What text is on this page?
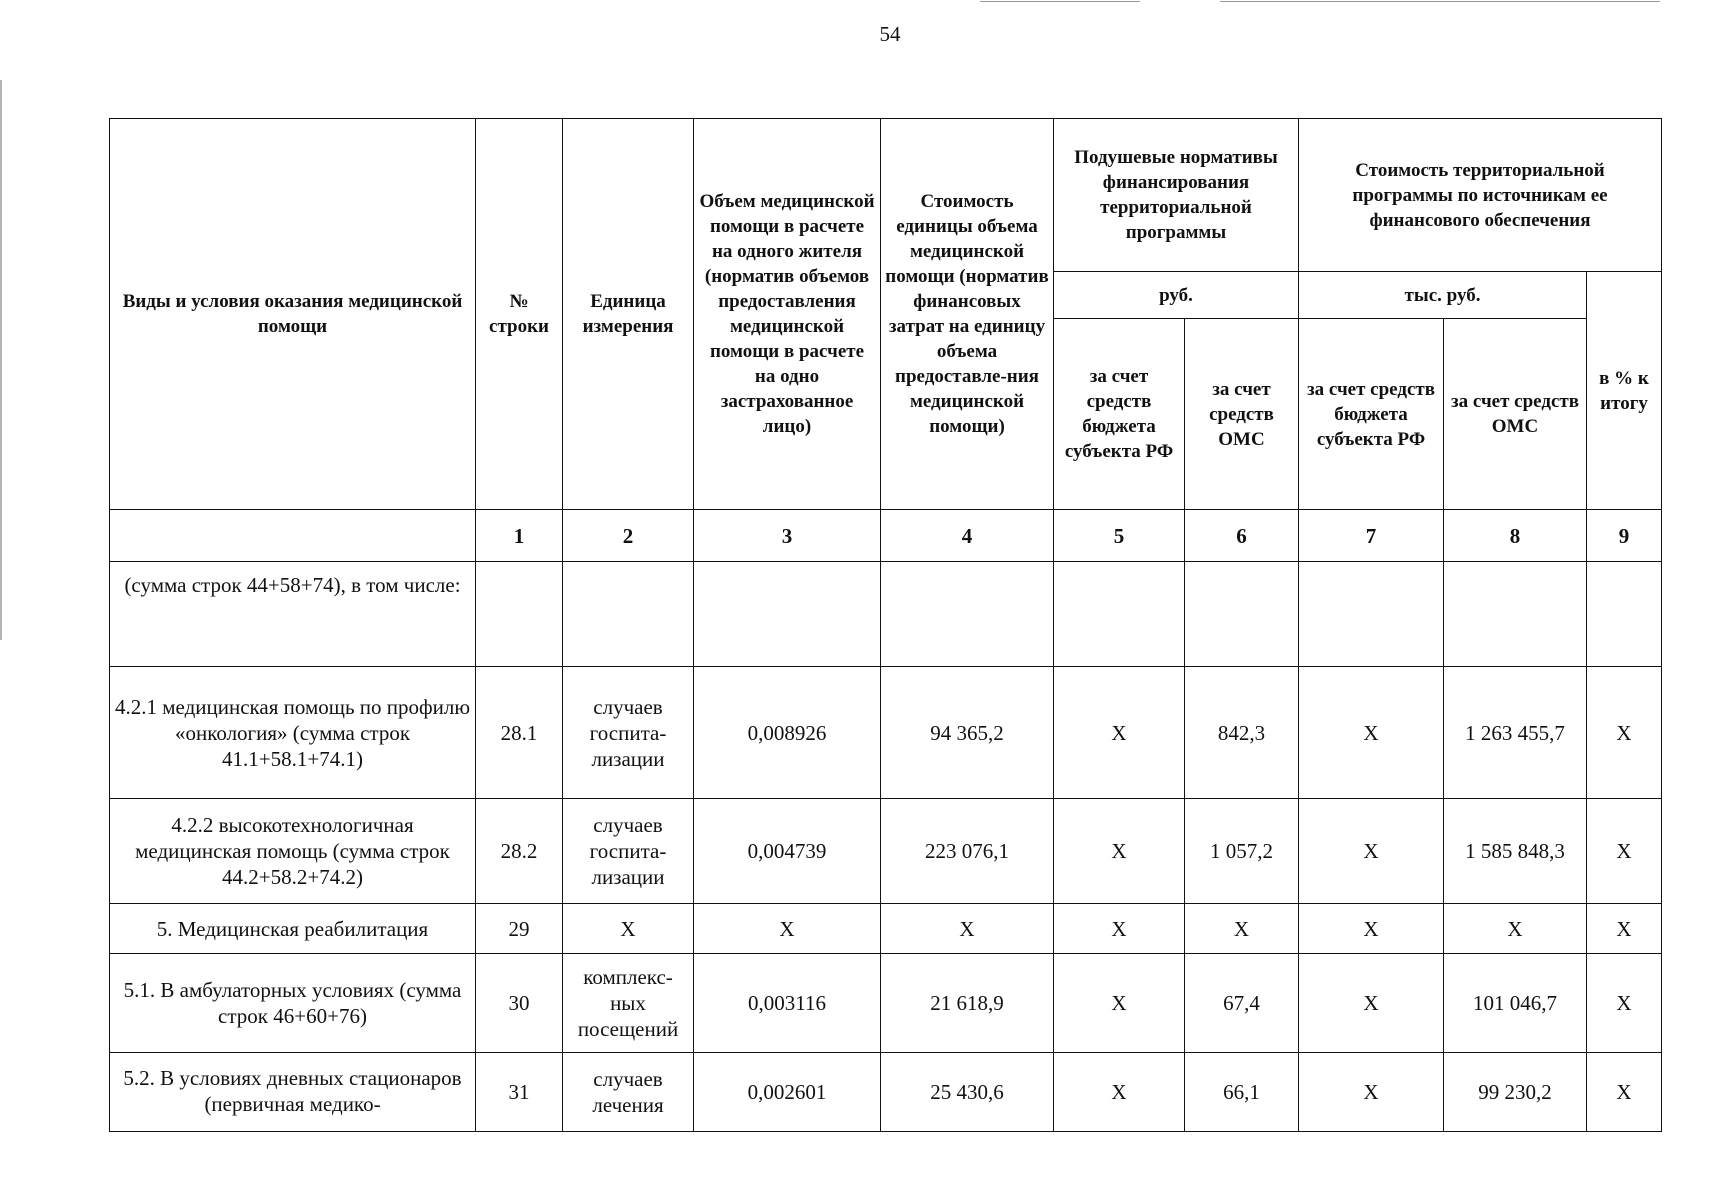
54
Виды и условия оказания медицинской помощи	№ строки	Единица измерения	Объем медицинской помощи в расчете на одного жителя (норматив объемов предоставления медицинской помощи в расчете на одно застрахованное лицо)	Стоимость единицы объема медицинской помощи (норматив финансовых затрат на единицу объема предоставле-ния медицинской помощи)	Подушевые нормативы финансирования территориальной программы		Стоимость территориальной программы по источникам ее финансового обеспечения		
					руб.		тыс. руб.		в % к итогу
					за счет средств бюджета субъекта РФ	за счет средств ОМС	за счет средств бюджета субъекта РФ	за счет средств ОМС	
	1	2	3	4	5	6	7	8	9
(сумма строк 44+58+74), в том числе:									
4.2.1 медицинская помощь по профилю «онкология» (сумма строк 41.1+58.1+74.1)	28.1	случаев госпита-лизации	0,008926	94 365,2	X	842,3	X	1 263 455,7	X
4.2.2 высокотехнологичная медицинская помощь (сумма строк 44.2+58.2+74.2)	28.2	случаев госпита-лизации	0,004739	223 076,1	X	1 057,2	X	1 585 848,3	X
5. Медицинская реабилитация	29	X	X	X	X	X	X	X	X
5.1. В амбулаторных условиях (сумма строк 46+60+76)	30	комплекс-ных посещений	0,003116	21 618,9	X	67,4	X	101 046,7	X
5.2. В условиях дневных стационаров (первичная медико-	31	случаев лечения	0,002601	25 430,6	X	66,1	X	99 230,2	X
